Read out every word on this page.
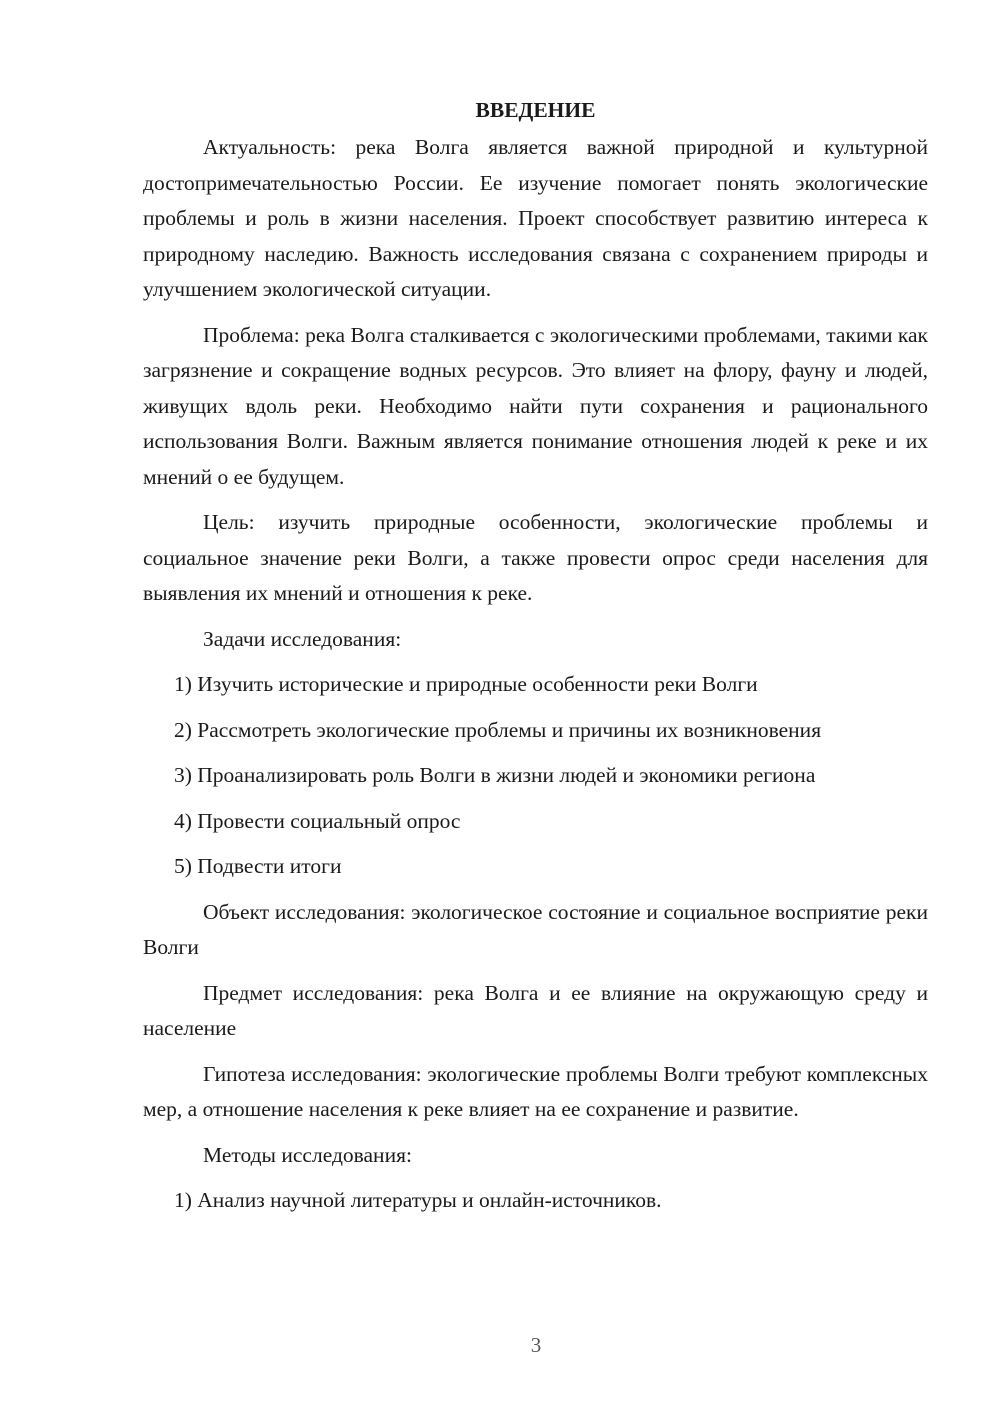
ВВЕДЕНИЕ

Актуальность: река Волга является важной природной и культурной достопримечательностью России. Ее изучение помогает понять экологические проблемы и роль в жизни населения. Проект способствует развитию интереса к природному наследию. Важность исследования связана с сохранением природы и улучшением экологической ситуации.

Проблема: река Волга сталкивается с экологическими проблемами, такими как загрязнение и сокращение водных ресурсов. Это влияет на флору, фауну и людей, живущих вдоль реки. Необходимо найти пути сохранения и рационального использования Волги. Важным является понимание отношения людей к реке и их мнений о ее будущем.

Цель: изучить природные особенности, экологические проблемы и социальное значение реки Волги, а также провести опрос среди населения для выявления их мнений и отношения к реке.

Задачи исследования:

1) Изучить исторические и природные особенности реки Волги

2) Рассмотреть экологические проблемы и причины их возникновения

3) Проанализировать роль Волги в жизни людей и экономики региона

4) Провести социальный опрос

5) Подвести итоги

Объект исследования: экологическое состояние и социальное восприятие реки Волги

Предмет исследования: река Волга и ее влияние на окружающую среду и население

Гипотеза исследования: экологические проблемы Волги требуют комплексных мер, а отношение населения к реке влияет на ее сохранение и развитие.

Методы исследования:

1) Анализ научной литературы и онлайн-источников.

3
